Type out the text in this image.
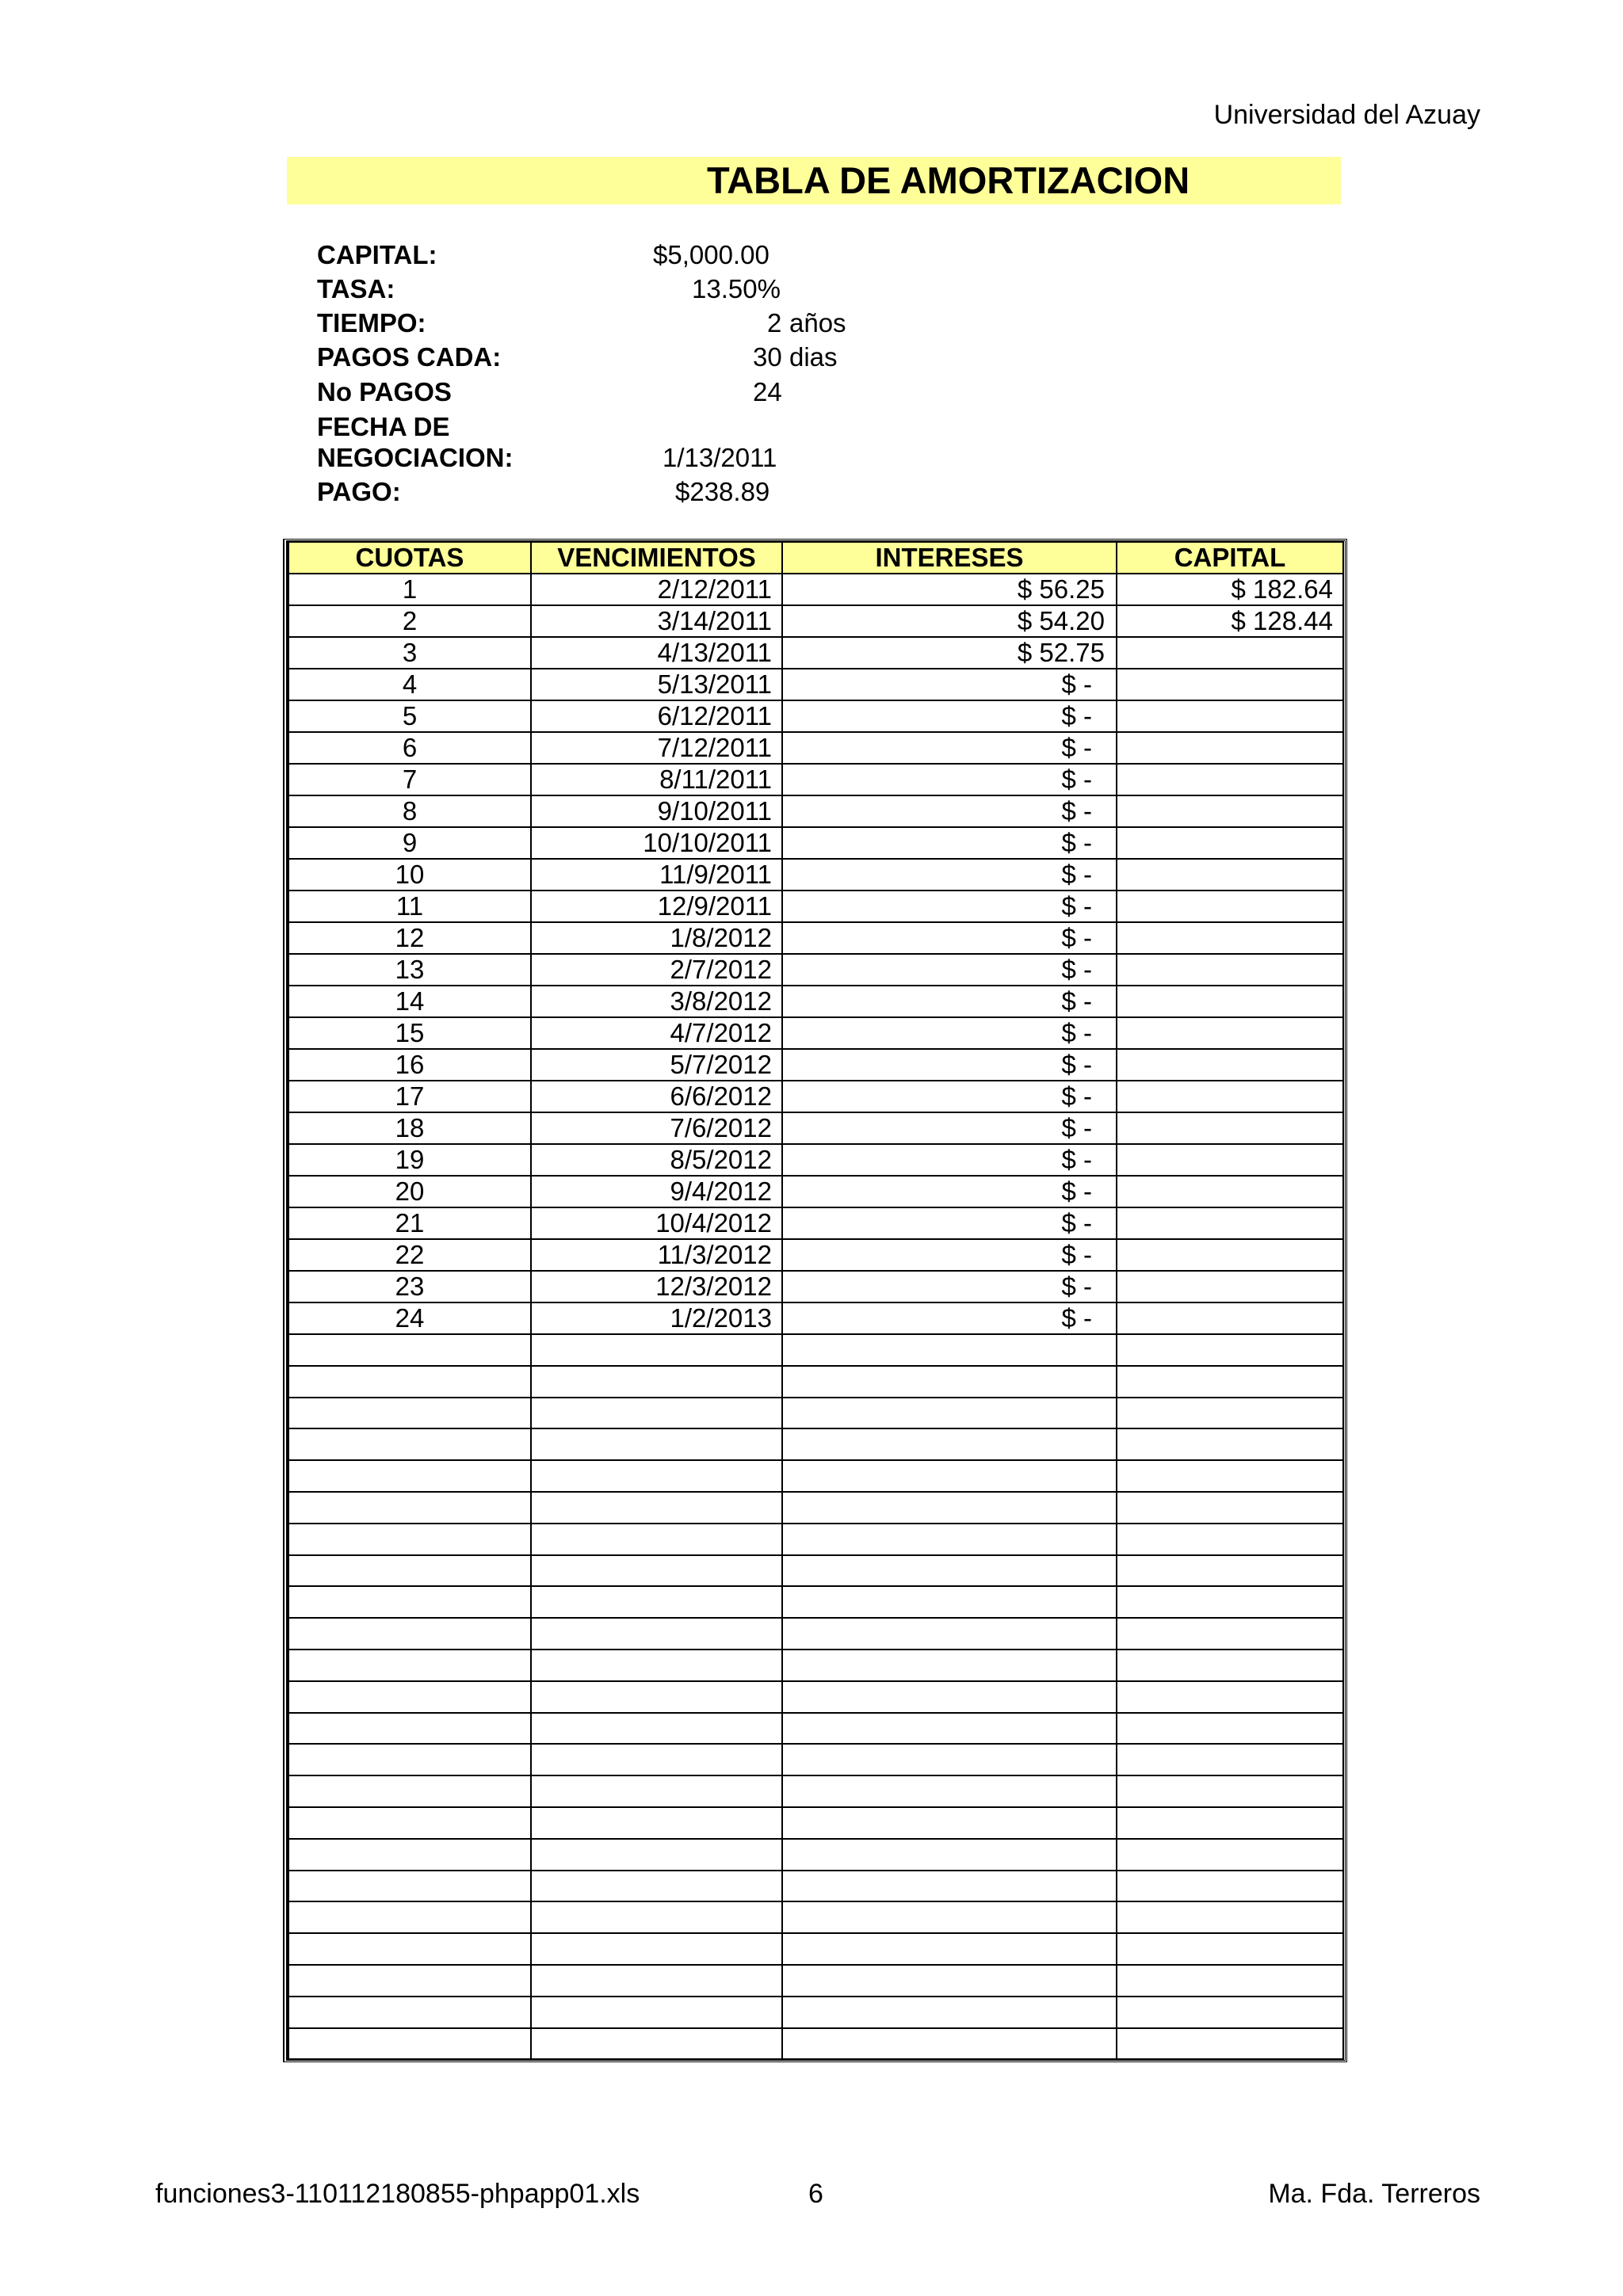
Universidad del Azuay
TABLA DE AMORTIZACION
CAPITAL:	$5,000.00
TASA:	13.50%
TIEMPO:	2 años
PAGOS CADA:	30 dias
No PAGOS	24
FECHA DE
NEGOCIACION:	1/13/2011
PAGO:	$238.89
CUOTAS	VENCIMIENTOS	INTERESES	CAPITAL
1	2/12/2011	$ 56.25	$ 182.64
2	3/14/2011	$ 54.20	$ 128.44
3	4/13/2011	$ 52.75	
4	5/13/2011	$ -	
5	6/12/2011	$ -	
6	7/12/2011	$ -	
7	8/11/2011	$ -	
8	9/10/2011	$ -	
9	10/10/2011	$ -	
10	11/9/2011	$ -	
11	12/9/2011	$ -	
12	1/8/2012	$ -	
13	2/7/2012	$ -	
14	3/8/2012	$ -	
15	4/7/2012	$ -	
16	5/7/2012	$ -	
17	6/6/2012	$ -	
18	7/6/2012	$ -	
19	8/5/2012	$ -	
20	9/4/2012	$ -	
21	10/4/2012	$ -	
22	11/3/2012	$ -	
23	12/3/2012	$ -	
24	1/2/2013	$ -	

funciones3-110112180855-phpapp01.xls	6	Ma. Fda. Terreros
